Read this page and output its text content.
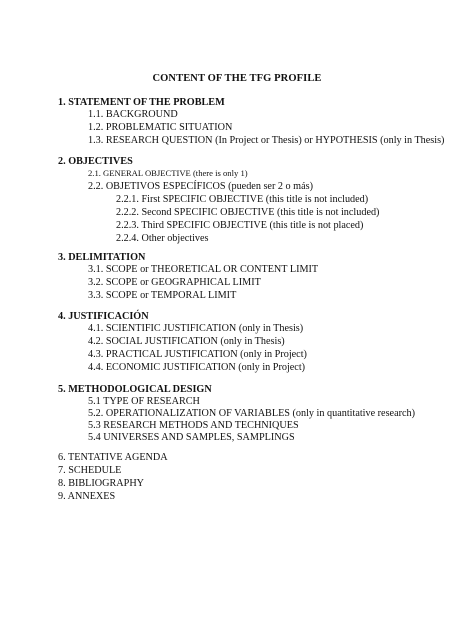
CONTENT OF THE TFG PROFILE
1. STATEMENT OF THE PROBLEM
1.1. BACKGROUND
1.2. PROBLEMATIC SITUATION
1.3. RESEARCH QUESTION (In Project or Thesis) or HYPOTHESIS (only in Thesis)
2. OBJECTIVES
2.1. GENERAL OBJECTIVE (there is only 1)
2.2. OBJETIVOS ESPECÍFICOS (pueden ser 2 o más)
2.2.1. First SPECIFIC OBJECTIVE (this title is not included)
2.2.2. Second SPECIFIC OBJECTIVE (this title is not included)
2.2.3. Third SPECIFIC OBJECTIVE (this title is not placed)
2.2.4. Other objectives
3. DELIMITATION
3.1. SCOPE or THEORETICAL OR CONTENT LIMIT
3.2. SCOPE or GEOGRAPHICAL LIMIT
3.3. SCOPE or TEMPORAL LIMIT
4. JUSTIFICACIÓN
4.1. SCIENTIFIC JUSTIFICATION (only in Thesis)
4.2. SOCIAL JUSTIFICATION (only in Thesis)
4.3. PRACTICAL JUSTIFICATION (only in Project)
4.4. ECONOMIC JUSTIFICATION (only in Project)
5. METHODOLOGICAL DESIGN
5.1 TYPE OF RESEARCH
5.2. OPERATIONALIZATION OF VARIABLES (only in quantitative research)
5.3 RESEARCH METHODS AND TECHNIQUES
5.4 UNIVERSES AND SAMPLES, SAMPLINGS
6. TENTATIVE AGENDA
7. SCHEDULE
8. BIBLIOGRAPHY
9. ANNEXES
